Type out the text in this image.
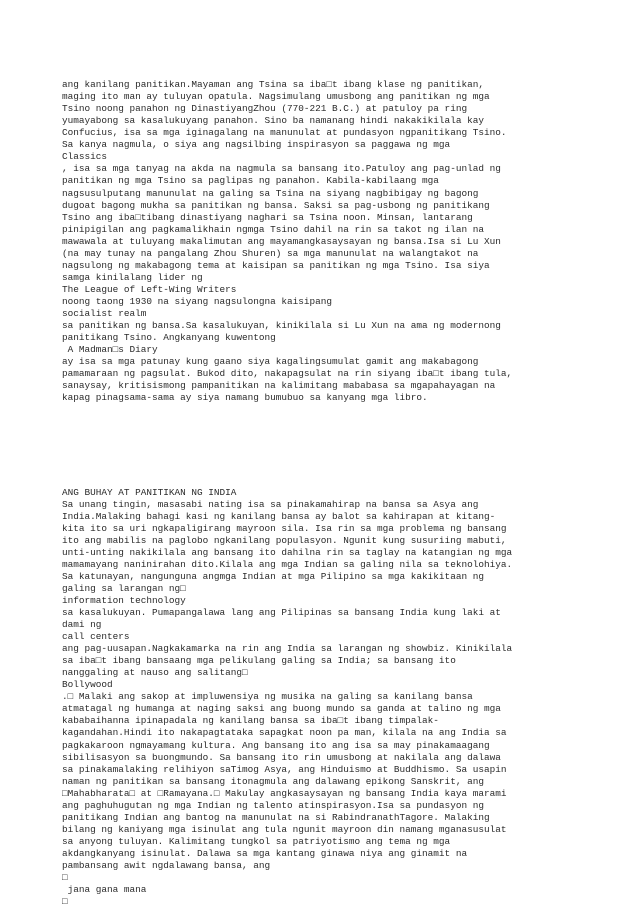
ang kanilang panitikan.Mayaman ang Tsina sa iba□t ibang klase ng panitikan,
maging ito man ay tuluyan opatula. Nagsimulang umusbong ang panitikan ng mga
Tsino noong panahon ng DinastiyangZhou (770-221 B.C.) at patuloy pa ring
yumayabong sa kasalukuyang panahon. Sino ba namanang hindi nakakikilala kay
Confucius, isa sa mga iginagalang na manunulat at pundasyon ngpanitikang Tsino.
Sa kanya nagmula, o siya ang nagsilbing inspirasyon sa paggawa ng mga
Classics
, isa sa mga tanyag na akda na nagmula sa bansang ito.Patuloy ang pag-unlad ng
panitikan ng mga Tsino sa paglipas ng panahon. Kabila-kabilaang mga
nagsusulputang manunulat na galing sa Tsina na siyang nagbibigay ng bagong
dugoat bagong mukha sa panitikan ng bansa. Saksi sa pag-usbong ng panitikang
Tsino ang iba□tibang dinastiyang naghari sa Tsina noon. Minsan, lantarang
pinipigilan ang pagkamalikhain ngmga Tsino dahil na rin sa takot ng ilan na
mawawala at tuluyang makalimutan ang mayamangkasaysayan ng bansa.Isa si Lu Xun
(na may tunay na pangalang Zhou Shuren) sa mga manunulat na walangtakot na
nagsulong ng makabagong tema at kaisipan sa panitikan ng mga Tsino. Isa siya
samga kinilalang lider ng
The League of Left-Wing Writers
noong taong 1930 na siyang nagsulongna kaisipang
socialist realm
sa panitikan ng bansa.Sa kasalukuyan, kinikilala si Lu Xun na ama ng modernong
panitikang Tsino. Angkanyang kuwentong
A Madman□s Diary
ay isa sa mga patunay kung gaano siya kagalingsumulat gamit ang makabagong
pamamaraan ng pagsulat. Bukod dito, nakapagsulat na rin siyang iba□t ibang tula,
sanaysay, kritisismong pampanitikan na kalimitang mababasa sa mgapahayagan na
kapag pinagsama-sama ay siya namang bumubuo sa kanyang mga libro.

ANG BUHAY AT PANITIKAN NG INDIA
Sa unang tingin, masasabi nating isa sa pinakamahirap na bansa sa Asya ang
India.Malaking bahagi kasi ng kanilang bansa ay balot sa kahirapan at kitang-
kita ito sa uri ngkapaligirang mayroon sila. Isa rin sa mga problema ng bansang
ito ang mabilis na paglobo ngkanilang populasyon. Ngunit kung susuriing mabuti,
unti-unting nakikilala ang bansang ito dahilna rin sa taglay na katangian ng mga
mamamayang naninirahan dito.Kilala ang mga Indian sa galing nila sa teknolohiya.
Sa katunayan, nangunguna angmga Indian at mga Pilipino sa mga kakikitaan ng
galing sa larangan ng□
information technology
sa kasalukuyan. Pumapangalawa lang ang Pilipinas sa bansang India kung laki at
dami ng
call centers
ang pag-uusapan.Nagkakamarka na rin ang India sa larangan ng showbiz. Kinikilala
sa iba□t ibang bansaang mga pelikulang galing sa India; sa bansang ito
nanggaling at nauso ang salitang□
Bollywood
.□ Malaki ang sakop at impluwensiya ng musika na galing sa kanilang bansa
atmatagal ng humanga at naging saksi ang buong mundo sa ganda at talino ng mga
kababaihanna ipinapadala ng kanilang bansa sa iba□t ibang timpalak-
kagandahan.Hindi ito nakapagtataka sapagkat noon pa man, kilala na ang India sa
pagkakaroon ngmayamang kultura. Ang bansang ito ang isa sa may pinakamaagang
sibilisasyon sa buongmundo. Sa bansang ito rin umusbong at nakilala ang dalawa
sa pinakamalaking relihiyon saTimog Asya, ang Hinduismo at Buddhismo. Sa usapin
naman ng panitikan sa bansang itonagmula ang dalawang epikong Sanskrit, ang
□Mahabharata□ at □Ramayana.□ Makulay angkasaysayan ng bansang India kaya marami
ang paghuhugutan ng mga Indian ng talento atinspirasyon.Isa sa pundasyon ng
panitikang Indian ang bantog na manunulat na si RabindranathTagore. Malaking
bilang ng kaniyang mga isinulat ang tula ngunit mayroon din namang mganasusulat
sa anyong tuluyan. Kalimitang tungkol sa patriyotismo ang tema ng mga
akdangkanyang isinulat. Dalawa sa mga kantang ginawa niya ang ginamit na
pambansang awit ngdalawang bansa, ang
□
jana gana mana
□
